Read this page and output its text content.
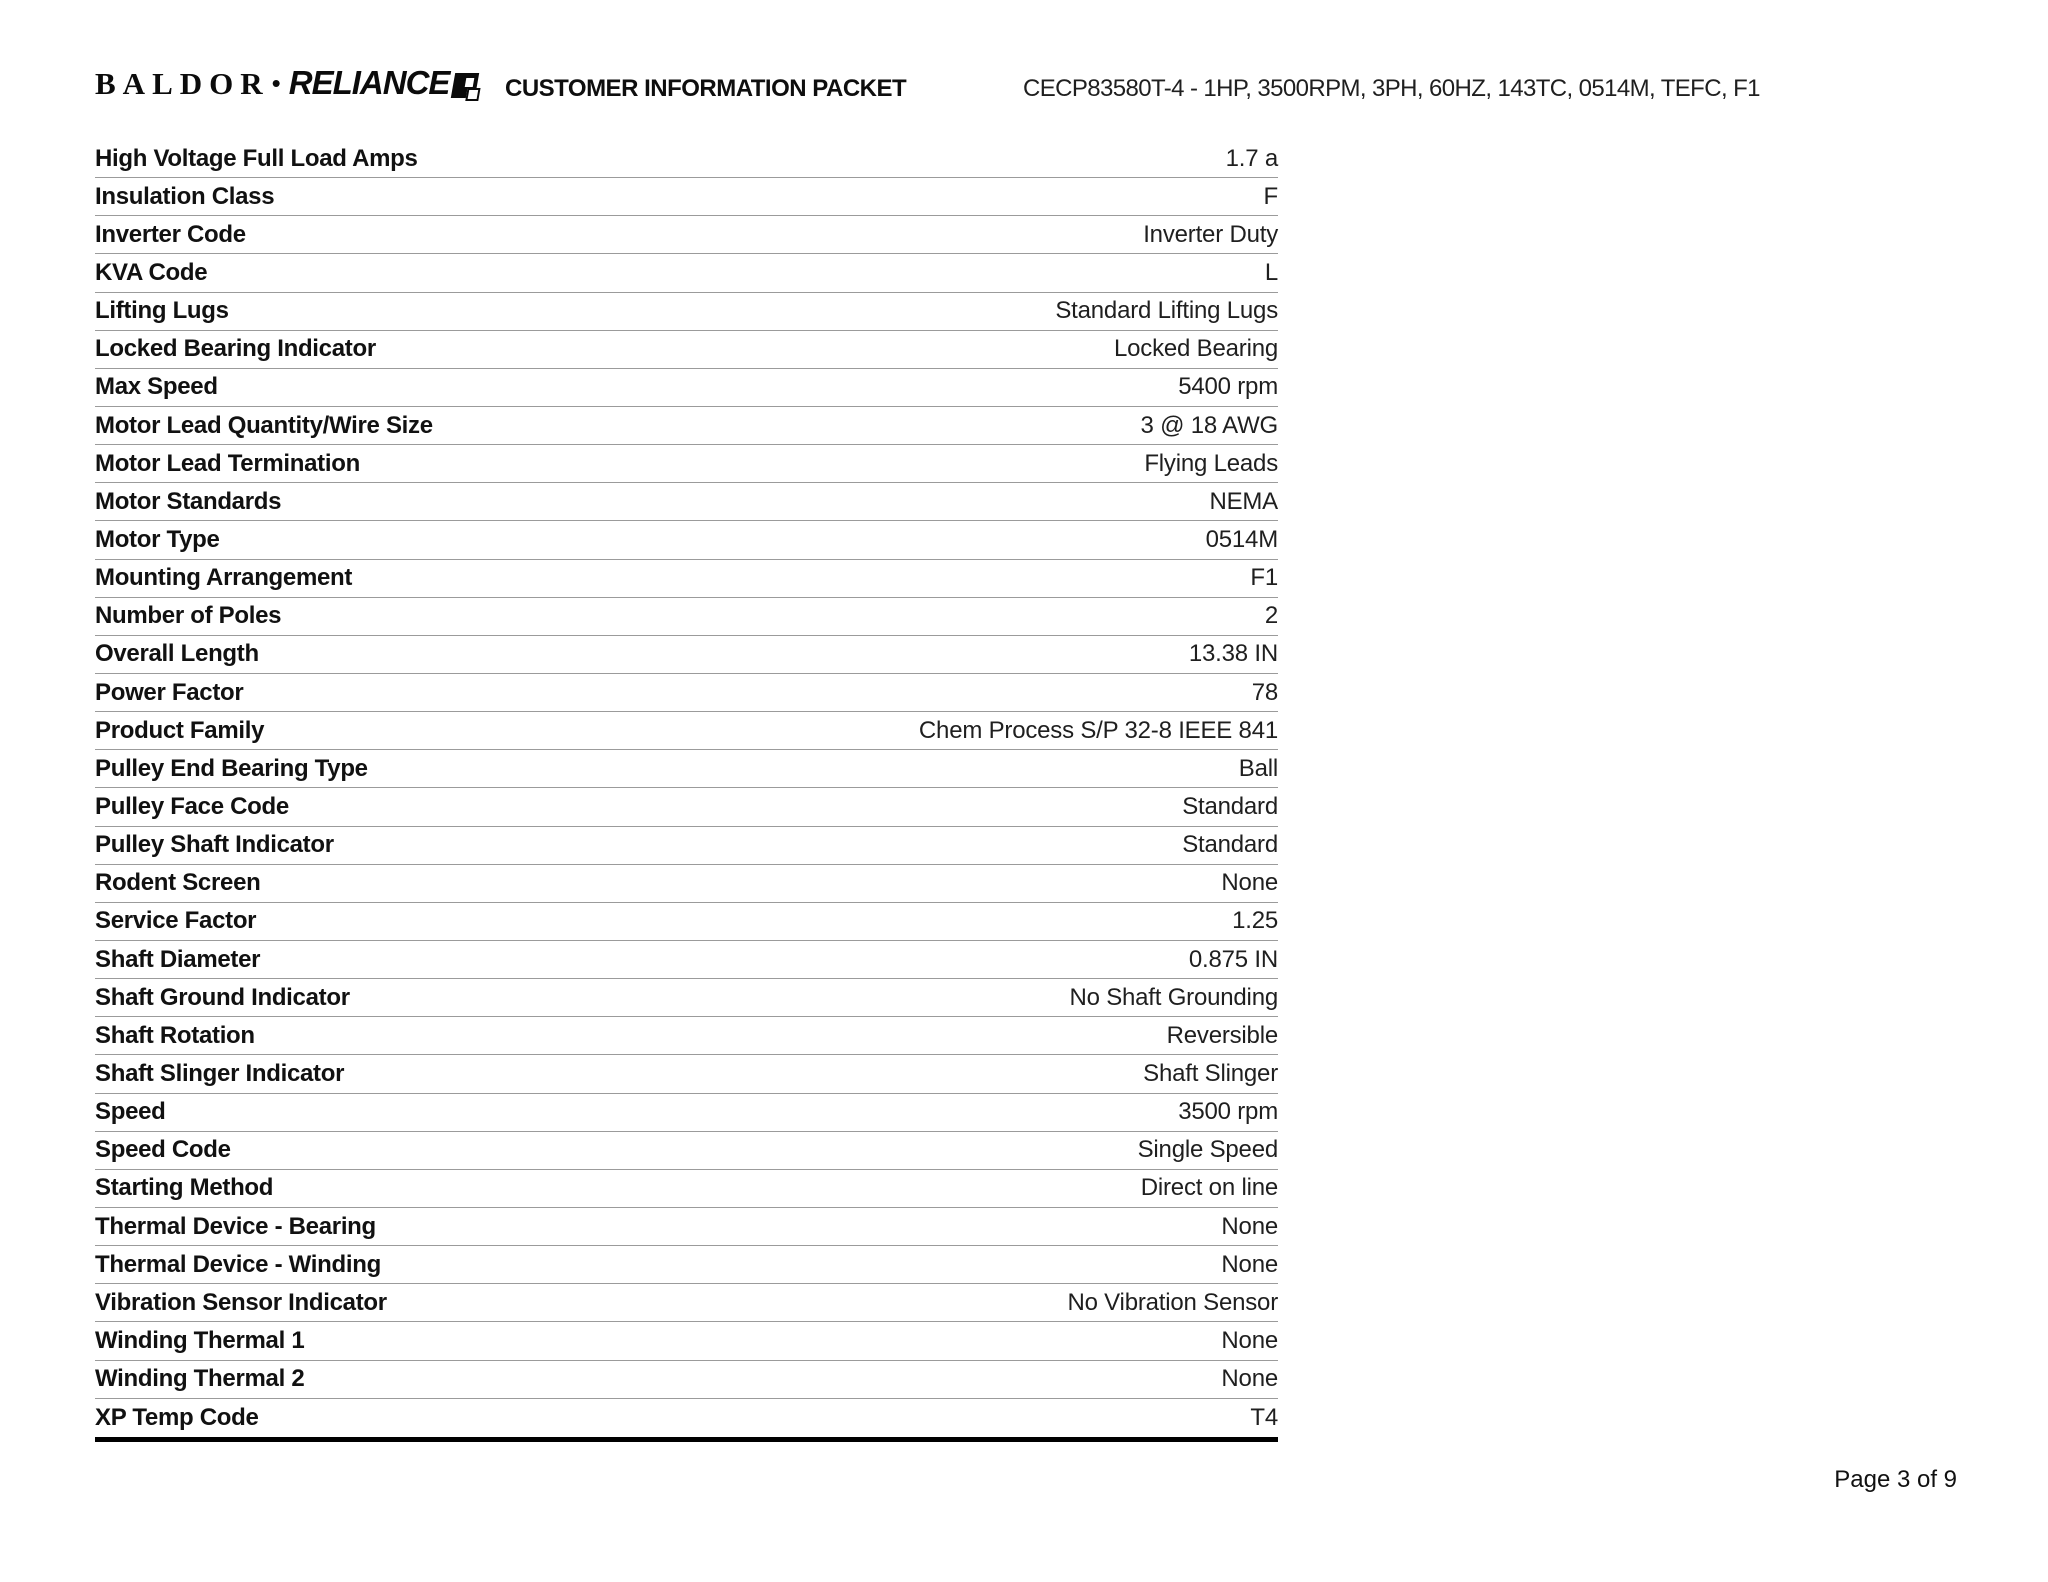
BALDOR • RELIANCE CUSTOMER INFORMATION PACKET	CECP83580T-4 - 1HP, 3500RPM, 3PH, 60HZ, 143TC, 0514M, TEFC, F1
High Voltage Full Load Amps	1.7 a
Insulation Class	F
Inverter Code	Inverter Duty
KVA Code	L
Lifting Lugs	Standard Lifting Lugs
Locked Bearing Indicator	Locked Bearing
Max Speed	5400 rpm
Motor Lead Quantity/Wire Size	3 @ 18 AWG
Motor Lead Termination	Flying Leads
Motor Standards	NEMA
Motor Type	0514M
Mounting Arrangement	F1
Number of Poles	2
Overall Length	13.38 IN
Power Factor	78
Product Family	Chem Process S/P 32-8 IEEE 841
Pulley End Bearing Type	Ball
Pulley Face Code	Standard
Pulley Shaft Indicator	Standard
Rodent Screen	None
Service Factor	1.25
Shaft Diameter	0.875 IN
Shaft Ground Indicator	No Shaft Grounding
Shaft Rotation	Reversible
Shaft Slinger Indicator	Shaft Slinger
Speed	3500 rpm
Speed Code	Single Speed
Starting Method	Direct on line
Thermal Device - Bearing	None
Thermal Device - Winding	None
Vibration Sensor Indicator	No Vibration Sensor
Winding Thermal 1	None
Winding Thermal 2	None
XP Temp Code	T4
Page 3 of 9
